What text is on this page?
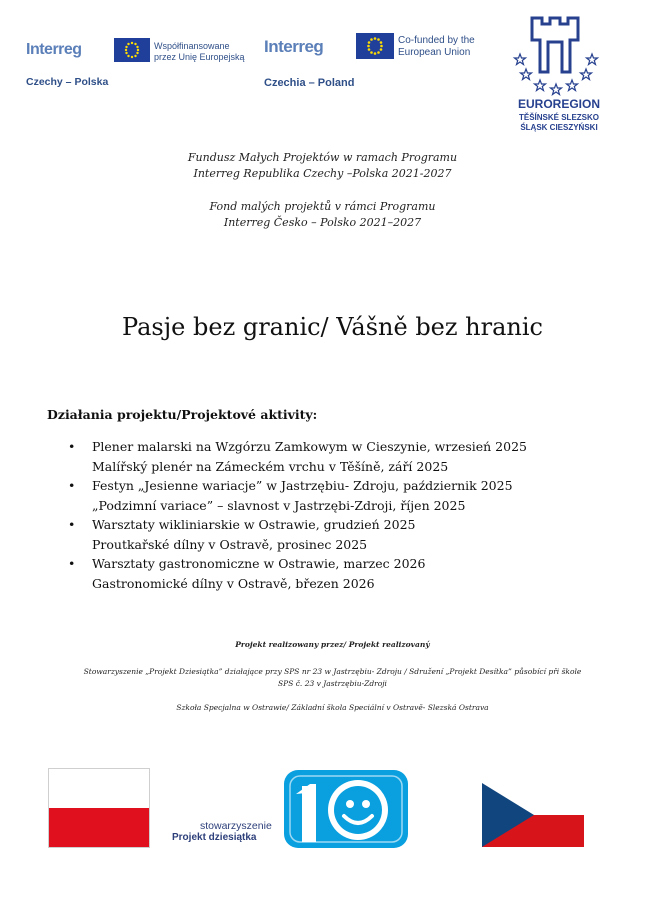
Interreg	Współfinansowane przez Unię Europejską
Czechy – Polska
Interreg	Co-funded by the European Union
Czechia – Poland
EUROREGION
TĚŠÍNSKÉ SLEZSKO
ŚLĄSK CIESZYŃSKI
Fundusz Małych Projektów w ramach Programu
Interreg Republika Czechy –Polska 2021-2027
Fond malých projektů v rámci Programu
Interreg Česko – Polsko 2021–2027
Pasje bez granic/ Vášně bez hranic
Działania projektu/Projektové aktivity:
• Plener malarski na Wzgórzu Zamkowym w Cieszynie, wrzesień 2025
Malířský plenér na Zámeckém vrchu v Těšíně, září 2025
• Festyn „Jesienne wariacje” w Jastrzębiu- Zdroju, październik 2025
„Podzimní variace” – slavnost v Jastrzębi-Zdroji, říjen 2025
• Warsztaty wikliniarskie w Ostrawie, grudzień 2025
Proutkařské dílny v Ostravě, prosinec 2025
• Warsztaty gastronomiczne w Ostrawie, marzec 2026
Gastronomické dílny v Ostravě, březen 2026
Projekt realizowany przez/ Projekt realizovaný
Stowarzyszenie „Projekt Dziesiątka” działające przy SPS nr 23 w Jastrzębiu- Zdroju / Sdružení „Projekt Desítka” působící při škole
SPS č. 23 v Jastrzębiu-Zdroji
Szkoła Specjalna w Ostrawie/ Základní škola Speciální v Ostravě- Slezská Ostrava
stowarzyszenie
Projekt dziesiątka
